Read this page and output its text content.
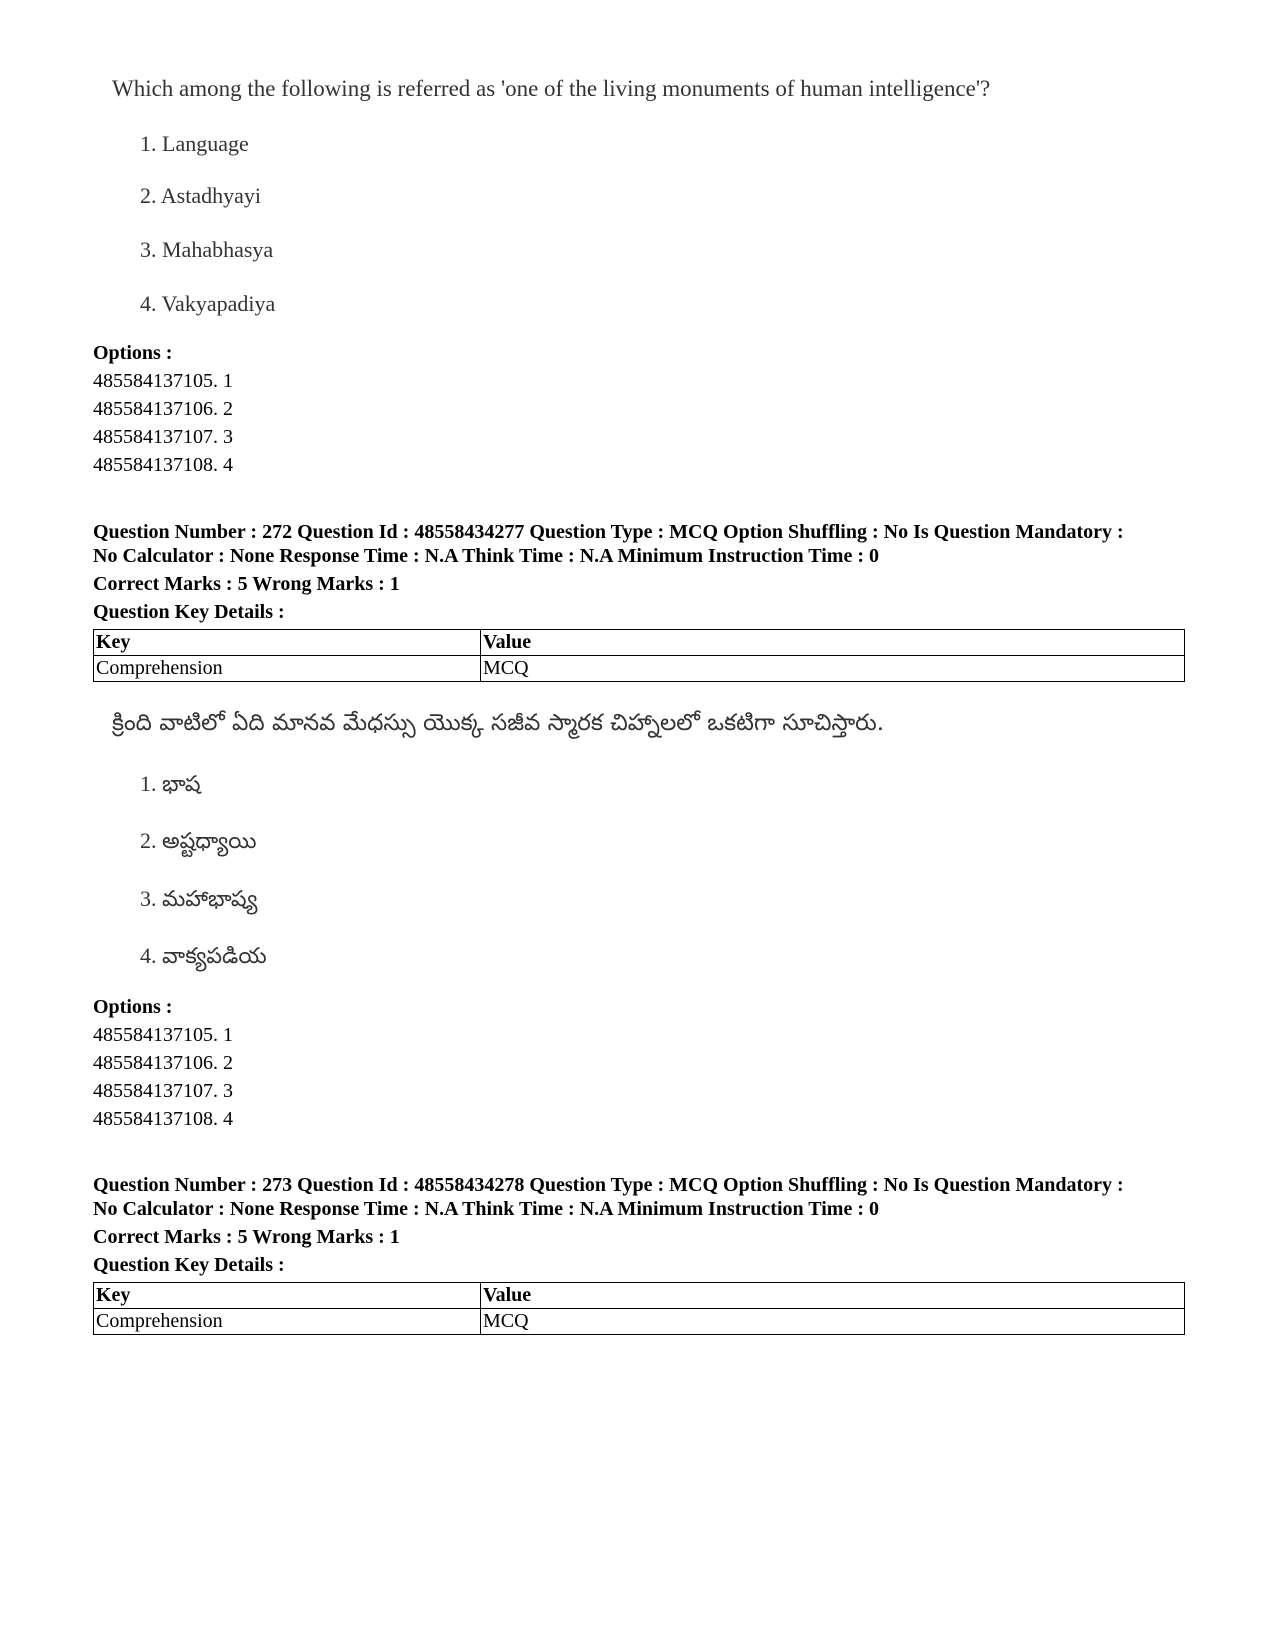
Which among the following is referred as 'one of the living monuments of human intelligence'?
1. Language
2. Astadhyayi
3. Mahabhasya
4. Vakyapadiya
Options :
485584137105. 1
485584137106. 2
485584137107. 3
485584137108. 4
Question Number : 272 Question Id : 48558434277 Question Type : MCQ Option Shuffling : No Is Question Mandatory :
No Calculator : None Response Time : N.A Think Time : N.A Minimum Instruction Time : 0
Correct Marks : 5 Wrong Marks : 1
Question Key Details :
Key	Value
Comprehension	MCQ
క్రింది వాటిలో ఏది మానవ మేధస్సు యొక్క సజీవ స్మారక చిహ్నాలలో ఒకటిగా సూచిస్తారు.
1. భాష
2. అష్టధ్యాయి
3. మహాభాష్య
4. వాక్యపడియ
Options :
485584137105. 1
485584137106. 2
485584137107. 3
485584137108. 4
Question Number : 273 Question Id : 48558434278 Question Type : MCQ Option Shuffling : No Is Question Mandatory :
No Calculator : None Response Time : N.A Think Time : N.A Minimum Instruction Time : 0
Correct Marks : 5 Wrong Marks : 1
Question Key Details :
Key	Value
Comprehension	MCQ
